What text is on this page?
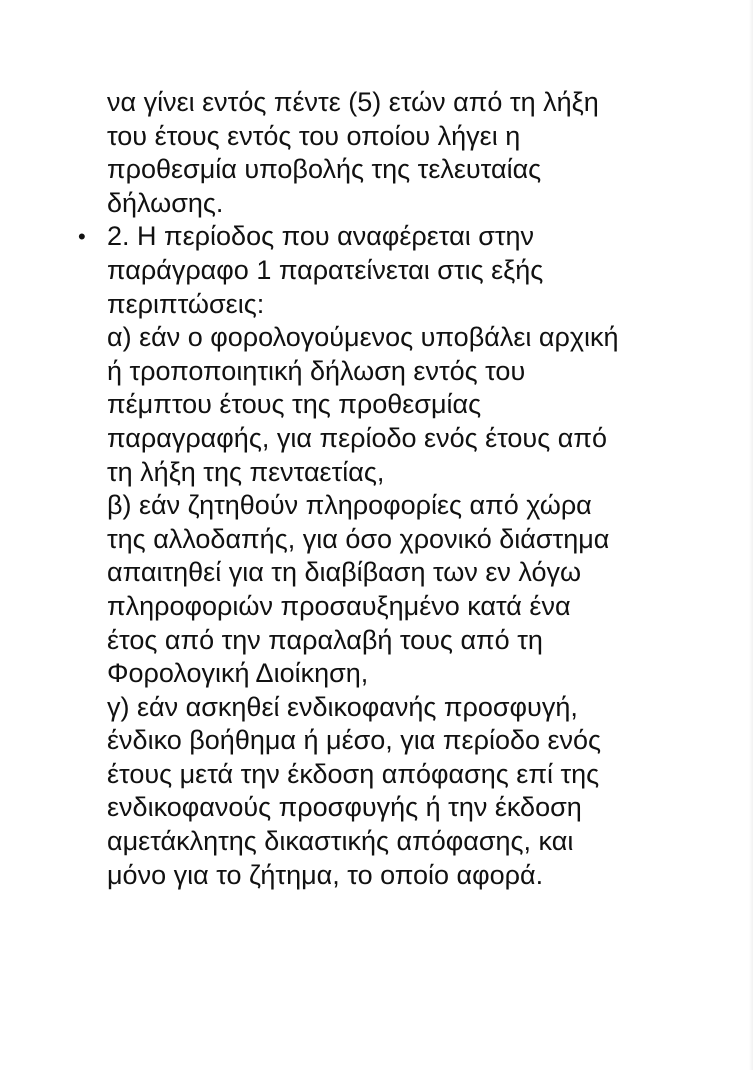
να γίνει εντός πέντε (5) ετών από τη λήξη
του έτους εντός του οποίου λήγει η
προθεσμία υποβολής της τελευταίας
δήλωσης.
• 2. Η περίοδος που αναφέρεται στην
παράγραφο 1 παρατείνεται στις εξής
περιπτώσεις:
α) εάν ο φορολογούμενος υποβάλει αρχική
ή τροποποιητική δήλωση εντός του
πέμπτου έτους της προθεσμίας
παραγραφής, για περίοδο ενός έτους από
τη λήξη της πενταετίας,
β) εάν ζητηθούν πληροφορίες από χώρα
της αλλοδαπής, για όσο χρονικό διάστημα
απαιτηθεί για τη διαβίβαση των εν λόγω
πληροφοριών προσαυξημένο κατά ένα
έτος από την παραλαβή τους από τη
Φορολογική Διοίκηση,
γ) εάν ασκηθεί ενδικοφανής προσφυγή,
ένδικο βοήθημα ή μέσο, για περίοδο ενός
έτους μετά την έκδοση απόφασης επί της
ενδικοφανούς προσφυγής ή την έκδοση
αμετάκλητης δικαστικής απόφασης, και
μόνο για το ζήτημα, το οποίο αφορά.
